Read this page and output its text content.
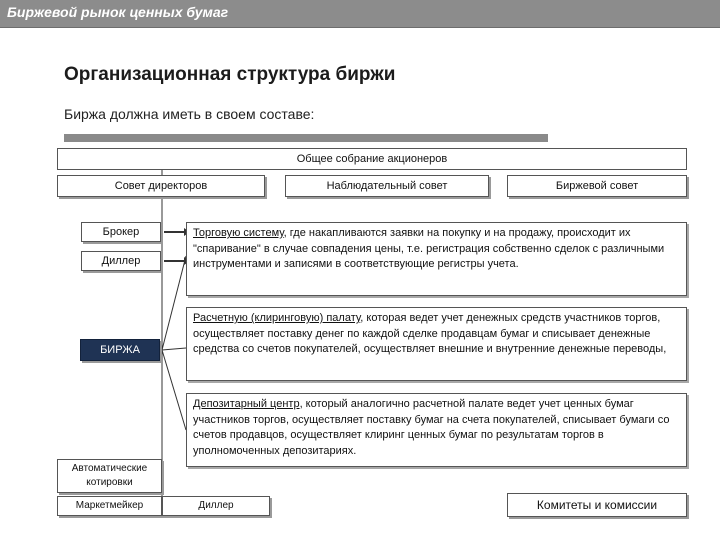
Биржевой рынок ценных бумаг
Организационная структура биржи
Биржа должна иметь в своем составе:
Общее собрание акционеров
Совет директоров	Наблюдательный совет	Биржевой совет
Брокер
Диллер
БИРЖА
Автоматические котировки
Маркетмейкер	Диллер	Комитеты и комиссии
Торговую систему, где накапливаются заявки на покупку и на продажу, происходит их "спаривание" в случае совпадения цены, т.е. регистрация собственно сделок с различными инструментами и записями в соответствующие регистры учета.
Расчетную (клиринговую) палату, которая ведет учет денежных средств участников торгов, осуществляет поставку денег по каждой сделке продавцам бумаг и списывает денежные средства со счетов покупателей, осуществляет внешние и внутренние денежные переводы,
Депозитарный центр, который аналогично расчетной палате ведет учет ценных бумаг участников торгов, осуществляет поставку бумаг на счета покупателей, списывает бумаги со счетов продавцов, осуществляет клиринг ценных бумаг по результатам торгов в уполномоченных депозитариях.
